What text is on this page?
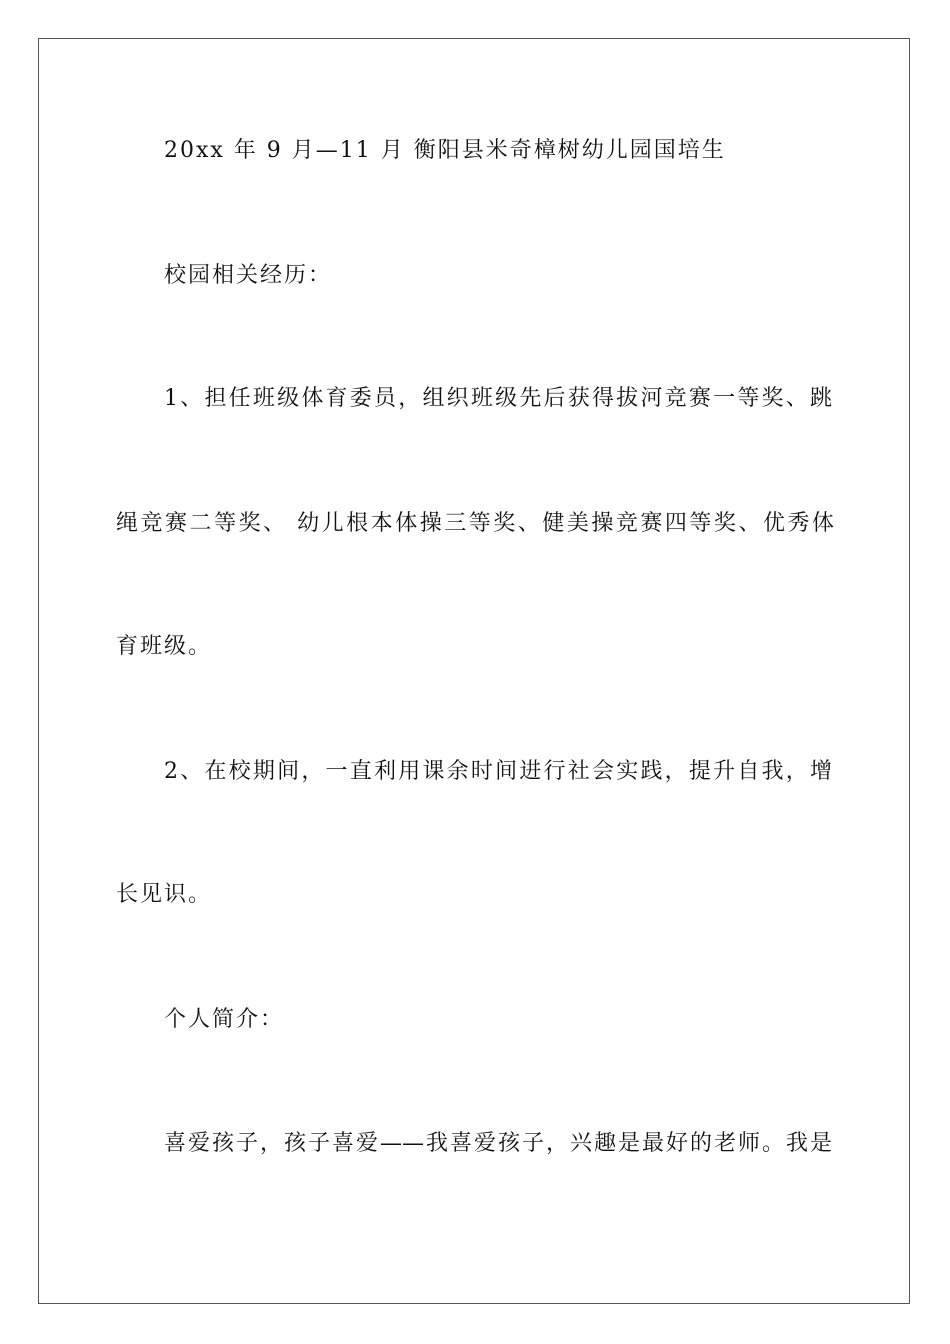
20xx 年 9 月—11 月 衡阳县米奇樟树幼儿园国培生
校园相关经历：
1、担任班级体育委员，组织班级先后获得拔河竞赛一等奖、跳
绳竞赛二等奖、 幼儿根本体操三等奖、健美操竞赛四等奖、优秀体
育班级。
2、在校期间，一直利用课余时间进行社会实践，提升自我，增
长见识。
个人简介：
喜爱孩子，孩子喜爱——我喜爱孩子，兴趣是最好的老师。我是
